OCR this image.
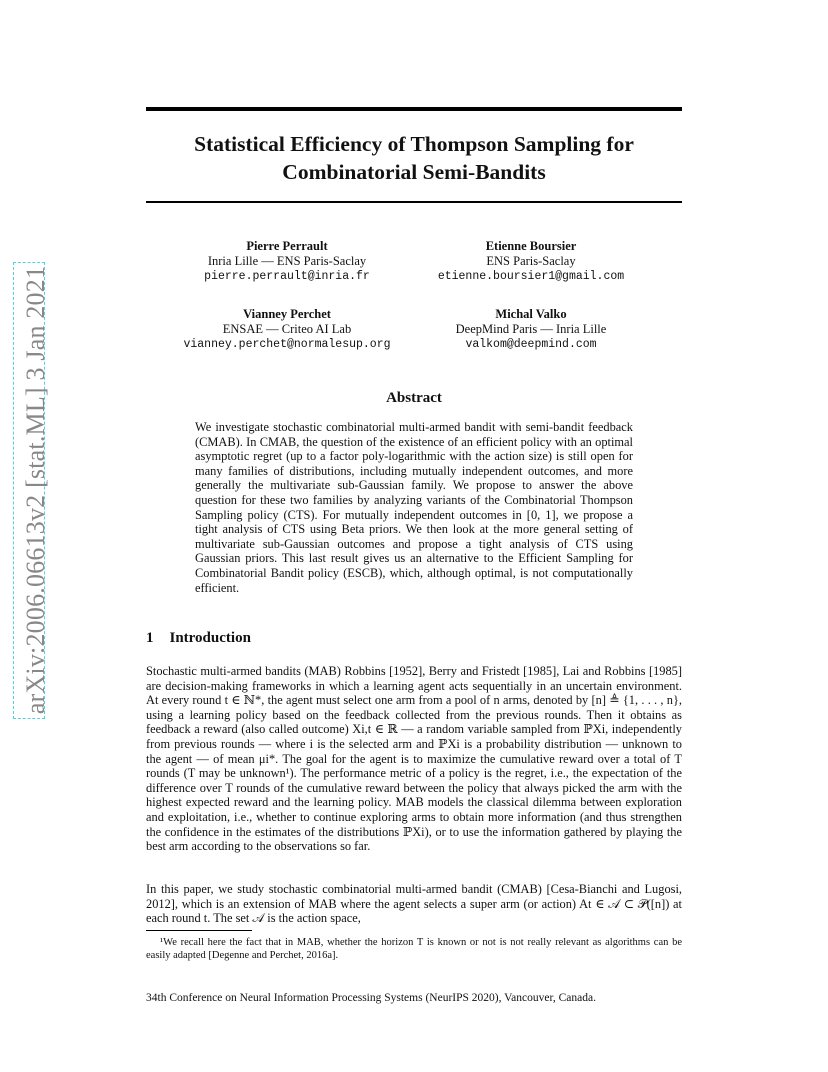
arXiv:2006.06613v2 [stat.ML] 3 Jan 2021
Statistical Efficiency of Thompson Sampling for
Combinatorial Semi-Bandits
Pierre Perrault
Inria Lille — ENS Paris-Saclay
pierre.perrault@inria.fr
Etienne Boursier
ENS Paris-Saclay
etienne.boursier1@gmail.com
Vianney Perchet
ENSAE — Criteo AI Lab
vianney.perchet@normalesup.org
Michal Valko
DeepMind Paris — Inria Lille
valkom@deepmind.com
Abstract
We investigate stochastic combinatorial multi-armed bandit with semi-bandit feedback (CMAB). In CMAB, the question of the existence of an efficient policy with an optimal asymptotic regret (up to a factor poly-logarithmic with the action size) is still open for many families of distributions, including mutually independent outcomes, and more generally the multivariate sub-Gaussian family. We propose to answer the above question for these two families by analyzing variants of the Combinatorial Thompson Sampling policy (CTS). For mutually independent outcomes in [0, 1], we propose a tight analysis of CTS using Beta priors. We then look at the more general setting of multivariate sub-Gaussian outcomes and propose a tight analysis of CTS using Gaussian priors. This last result gives us an alternative to the Efficient Sampling for Combinatorial Bandit policy (ESCB), which, although optimal, is not computationally efficient.
1 Introduction
Stochastic multi-armed bandits (MAB) Robbins [1952], Berry and Fristedt [1985], Lai and Robbins [1985] are decision-making frameworks in which a learning agent acts sequentially in an uncertain environment. At every round t ∈ ℕ*, the agent must select one arm from a pool of n arms, denoted by [n] ≜ {1, . . . , n}, using a learning policy based on the feedback collected from the previous rounds. Then it obtains as feedback a reward (also called outcome) Xi,t ∈ ℝ — a random variable sampled from ℙXi, independently from previous rounds — where i is the selected arm and ℙXi is a probability distribution — unknown to the agent — of mean μi*. The goal for the agent is to maximize the cumulative reward over a total of T rounds (T may be unknown¹). The performance metric of a policy is the regret, i.e., the expectation of the difference over T rounds of the cumulative reward between the policy that always picked the arm with the highest expected reward and the learning policy. MAB models the classical dilemma between exploration and exploitation, i.e., whether to continue exploring arms to obtain more information (and thus strengthen the confidence in the estimates of the distributions ℙXi), or to use the information gathered by playing the best arm according to the observations so far.
In this paper, we study stochastic combinatorial multi-armed bandit (CMAB) [Cesa-Bianchi and Lugosi, 2012], which is an extension of MAB where the agent selects a super arm (or action) At ∈ 𝒜 ⊂ 𝒫([n]) at each round t. The set 𝒜 is the action space,
¹We recall here the fact that in MAB, whether the horizon T is known or not is not really relevant as algorithms can be easily adapted [Degenne and Perchet, 2016a].
34th Conference on Neural Information Processing Systems (NeurIPS 2020), Vancouver, Canada.
